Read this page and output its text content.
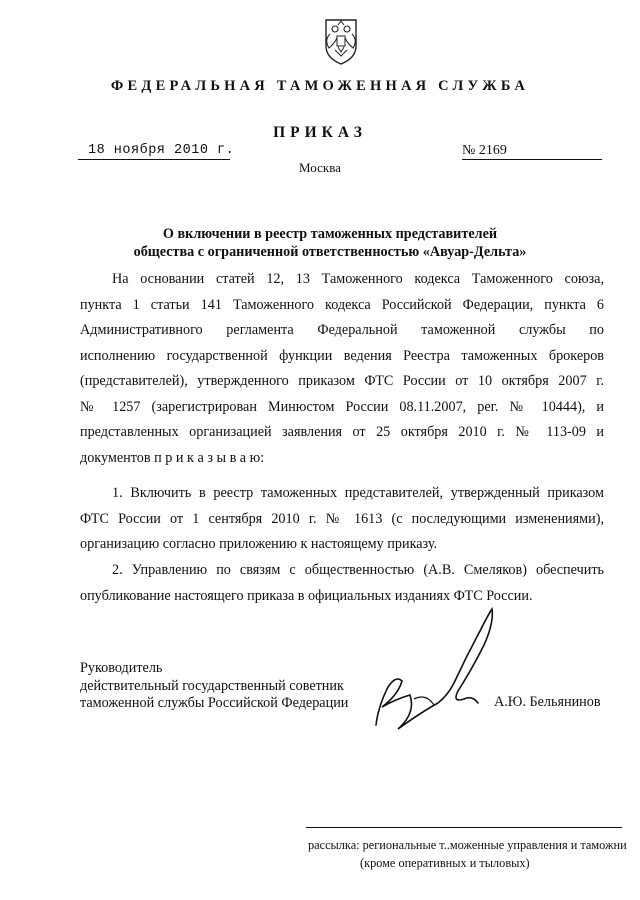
ФЕДЕРАЛЬНАЯ ТАМОЖЕННАЯ СЛУЖБА
ПРИКАЗ
18 ноября 2010 г.	№ 2169
Москва
О включении в реестр таможенных представителей
общества с ограниченной ответственностью «Авуар-Дельта»
На основании статей 12, 13 Таможенного кодекса Таможенного союза,
пункта 1 статьи 141 Таможенного кодекса Российской Федерации, пункта 6
Административного регламента Федеральной таможенной службы по
исполнению государственной функции ведения Реестра таможенных брокеров
(представителей), утвержденного приказом ФТС России от 10 октября 2007 г.
№ 1257 (зарегистрирован Минюстом России 08.11.2007, рег. № 10444), и
представленных организацией заявления от 25 октября 2010 г. № 113-09 и
документов п р и к а з ы в а ю:
1. Включить в реестр таможенных представителей, утвержденный приказом
ФТС России от 1 сентября 2010 г. № 1613 (с последующими изменениями),
организацию согласно приложению к настоящему приказу.
2. Управлению по связям с общественностью (А.В. Смеляков) обеспечить
опубликование настоящего приказа в официальных изданиях ФТС России.
Руководитель
действительный государственный советник
таможенной службы Российской Федерации	А.Ю. Бельянинов
рассылка: региональные т..моженные управления и таможни
(кроме оперативных и тыловых)
